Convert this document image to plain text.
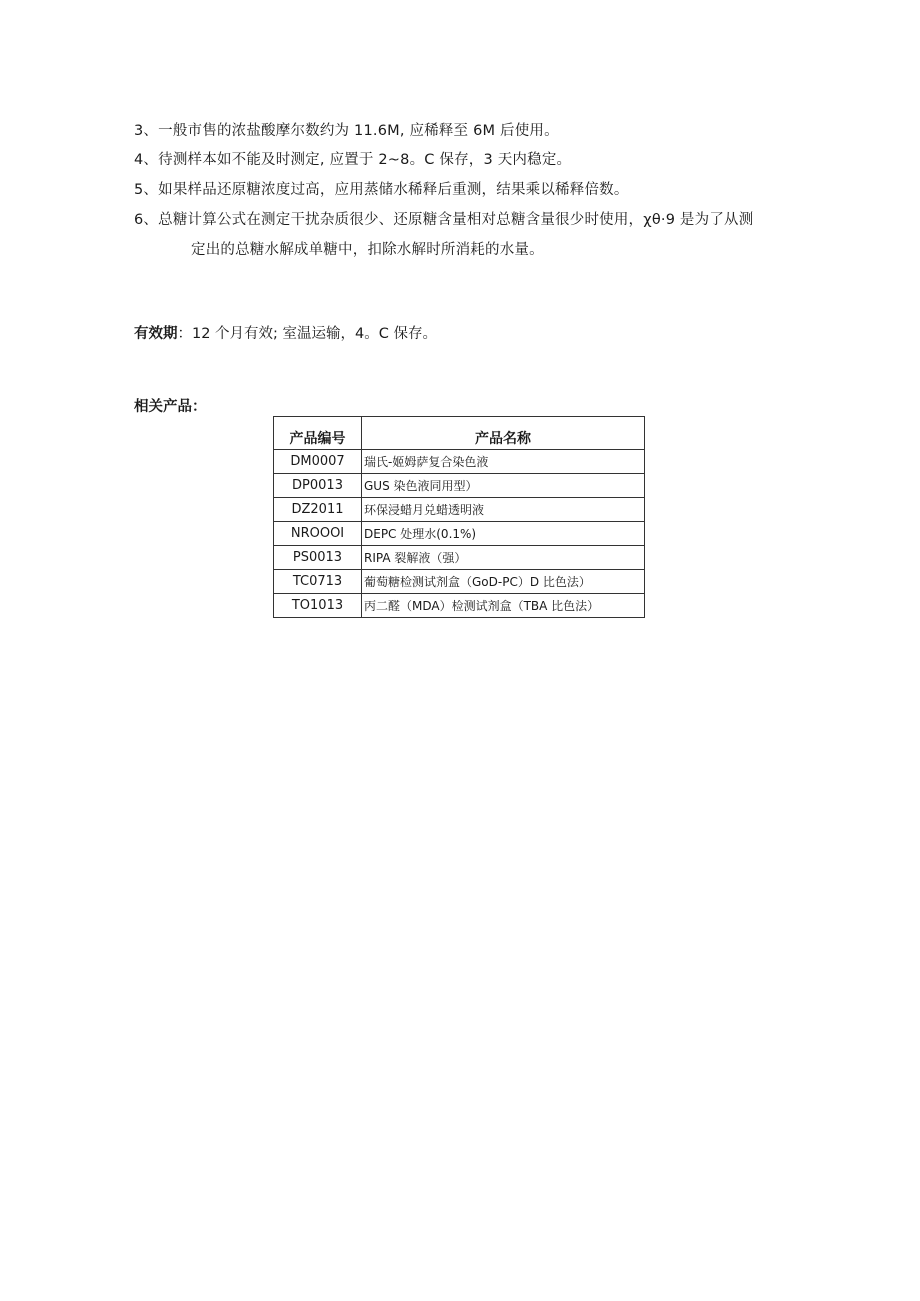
3、一般市售的浓盐酸摩尔数约为 11.6M, 应稀释至 6M 后使用。
4、待测样本如不能及时测定, 应置于 2~8。C 保存，3 天内稳定。
5、如果样品还原糖浓度过高，应用蒸储水稀释后重测，结果乘以稀释倍数。
6、总糖计算公式在测定干扰杂质很少、还原糖含量相对总糖含量很少时使用，χθ·9 是为了从测
定出的总糖水解成单糖中，扣除水解时所消耗的水量。
有效期：12 个月有效; 室温运输，4。C 保存。
相关产品：
产品编号	产品名称
DM0007	瑞氏-姬姆萨复合染色液
DP0013	GUS 染色液同用型）
DZ2011	环保浸蜡月兑蜡透明液
NROOOI	DEPC 处理水(0.1%)
PS0013	RIPA 裂解液（强）
TC0713	葡萄糖检测试剂盒（GoD-PC）D 比色法）
TO1013	丙二醛（MDA）检测试剂盒（TBA 比色法）
